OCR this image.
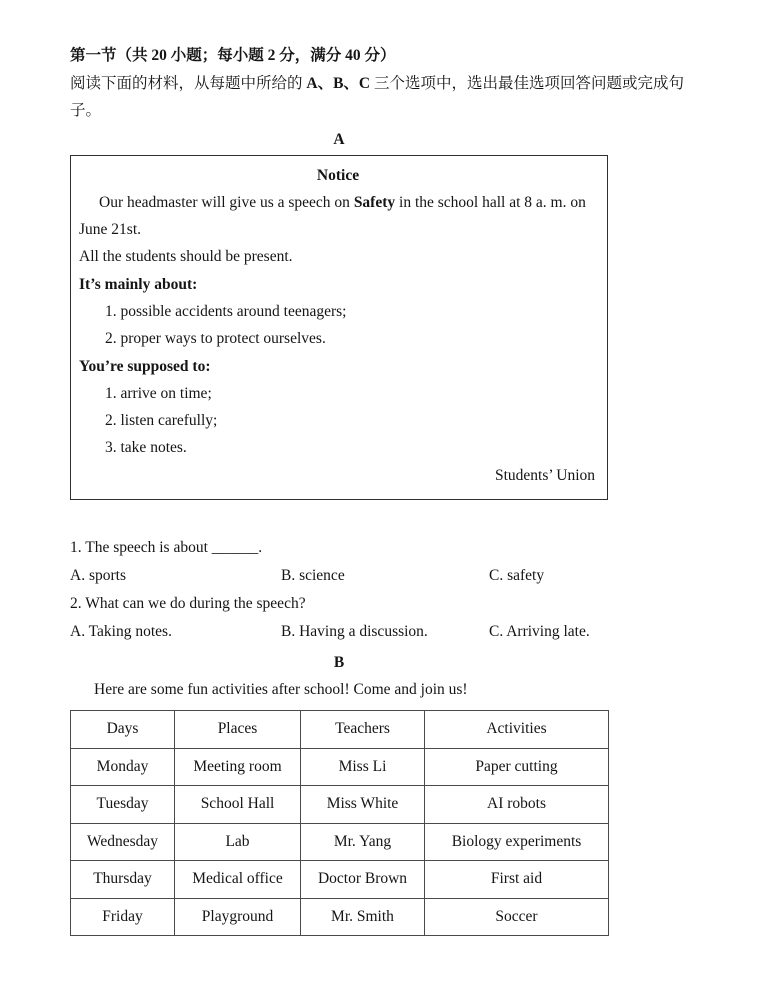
第一节（共 20 小题；每小题 2 分，满分 40 分）
阅读下面的材料，从每题中所给的 A、B、C 三个选项中，选出最佳选项回答问题或完成句子。
A
Notice
Our headmaster will give us a speech on Safety in the school hall at 8 a. m. on June 21st.
All the students should be present.
It’s mainly about:
1. possible accidents around teenagers;
2. proper ways to protect ourselves.
You’re supposed to:
1. arrive on time;
2. listen carefully;
3. take notes.
Students’ Union
1. The speech is about ______.
A. sports	B. science	C. safety
2. What can we do during the speech?
A. Taking notes.	B. Having a discussion.	C. Arriving late.
B
Here are some fun activities after school! Come and join us!
Days	Places	Teachers	Activities
Monday	Meeting room	Miss Li	Paper cutting
Tuesday	School Hall	Miss White	AI robots
Wednesday	Lab	Mr. Yang	Biology experiments
Thursday	Medical office	Doctor Brown	First aid
Friday	Playground	Mr. Smith	Soccer
